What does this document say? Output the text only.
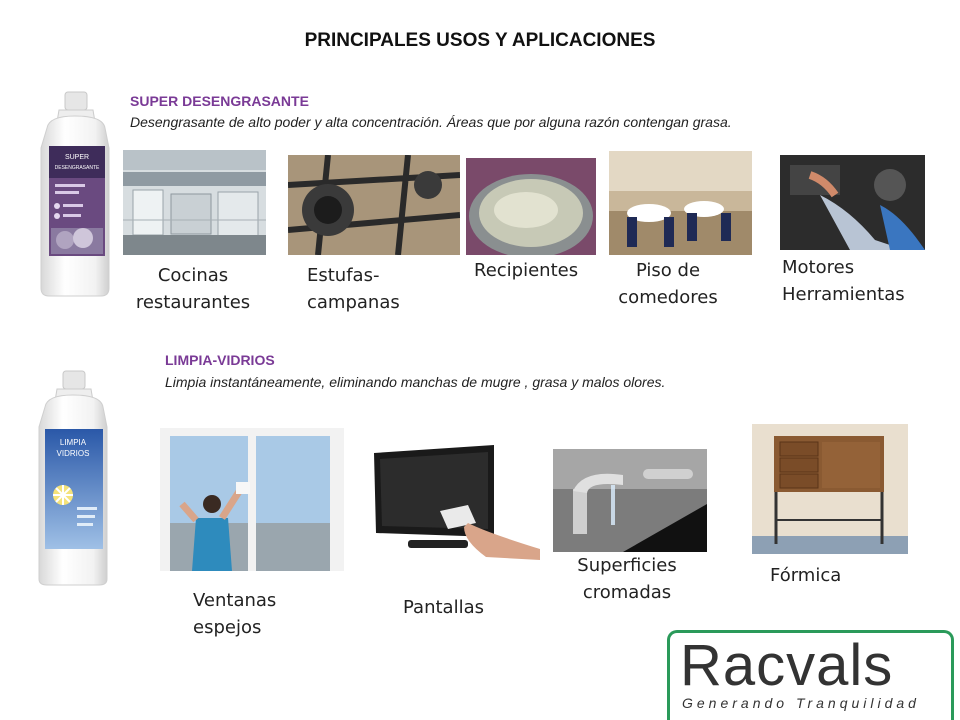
PRINCIPALES USOS Y APLICACIONES
SUPER
DESENGRASANTE
SUPER DESENGRASANTE
Desengrasante de alto poder y alta concentración. Áreas que por alguna razón contengan grasa.
Cocinas
restaurantes
Estufas-
campanas
Recipientes	Piso de
comedores
Motores
Herramientas
LIMPIA
VIDRIOS
LIMPIA-VIDRIOS
Limpia instantáneamente, eliminando manchas de mugre , grasa y malos olores.
Ventanas
espejos
Pantallas
Superficies
cromadas
Fórmica
Racvals
Generando Tranquilidad
